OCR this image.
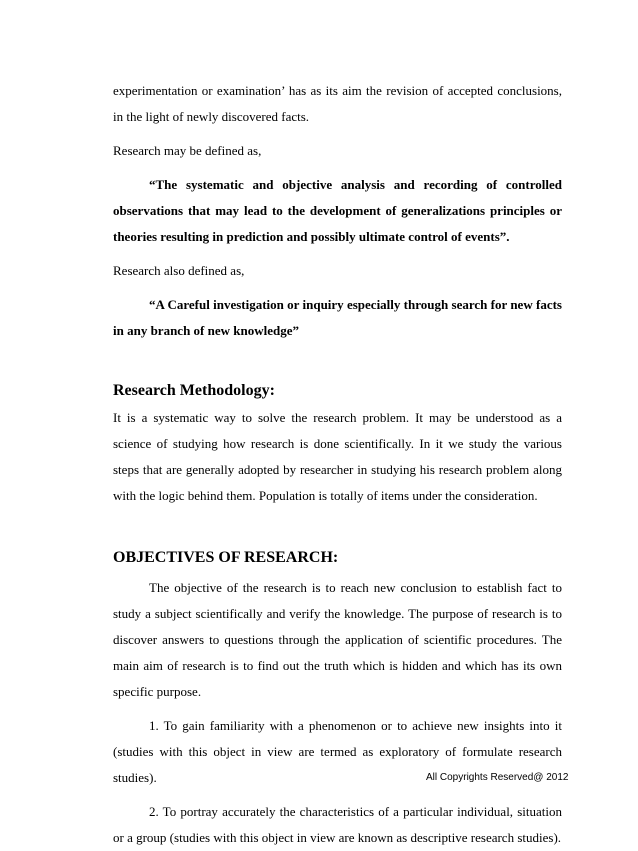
experimentation or examination’ has as its aim the revision of accepted conclusions, in the light of newly discovered facts.

Research may be defined as,

“The systematic and objective analysis and recording of controlled observations that may lead to the development of generalizations principles or theories resulting in prediction and possibly ultimate control of events”.

Research also defined as,

“A Careful investigation or inquiry especially through search for new facts in any branch of new knowledge”

Research Methodology:

It is a systematic way to solve the research problem. It may be understood as a science of studying how research is done scientifically. In it we study the various steps that are generally adopted by researcher in studying his research problem along with the logic behind them. Population is totally of items under the consideration.

OBJECTIVES OF RESEARCH:

The objective of the research is to reach new conclusion to establish fact to study a subject scientifically and verify the knowledge. The purpose of research is to discover answers to questions through the application of scientific procedures. The main aim of research is to find out the truth which is hidden and which has its own specific purpose.

1. To gain familiarity with a phenomenon or to achieve new insights into it (studies with this object in view are termed as exploratory of formulate research studies).

2. To portray accurately the characteristics of a particular individual, situation or a group (studies with this object in view are known as descriptive research studies).

All Copyrights Reserved@ 2012
